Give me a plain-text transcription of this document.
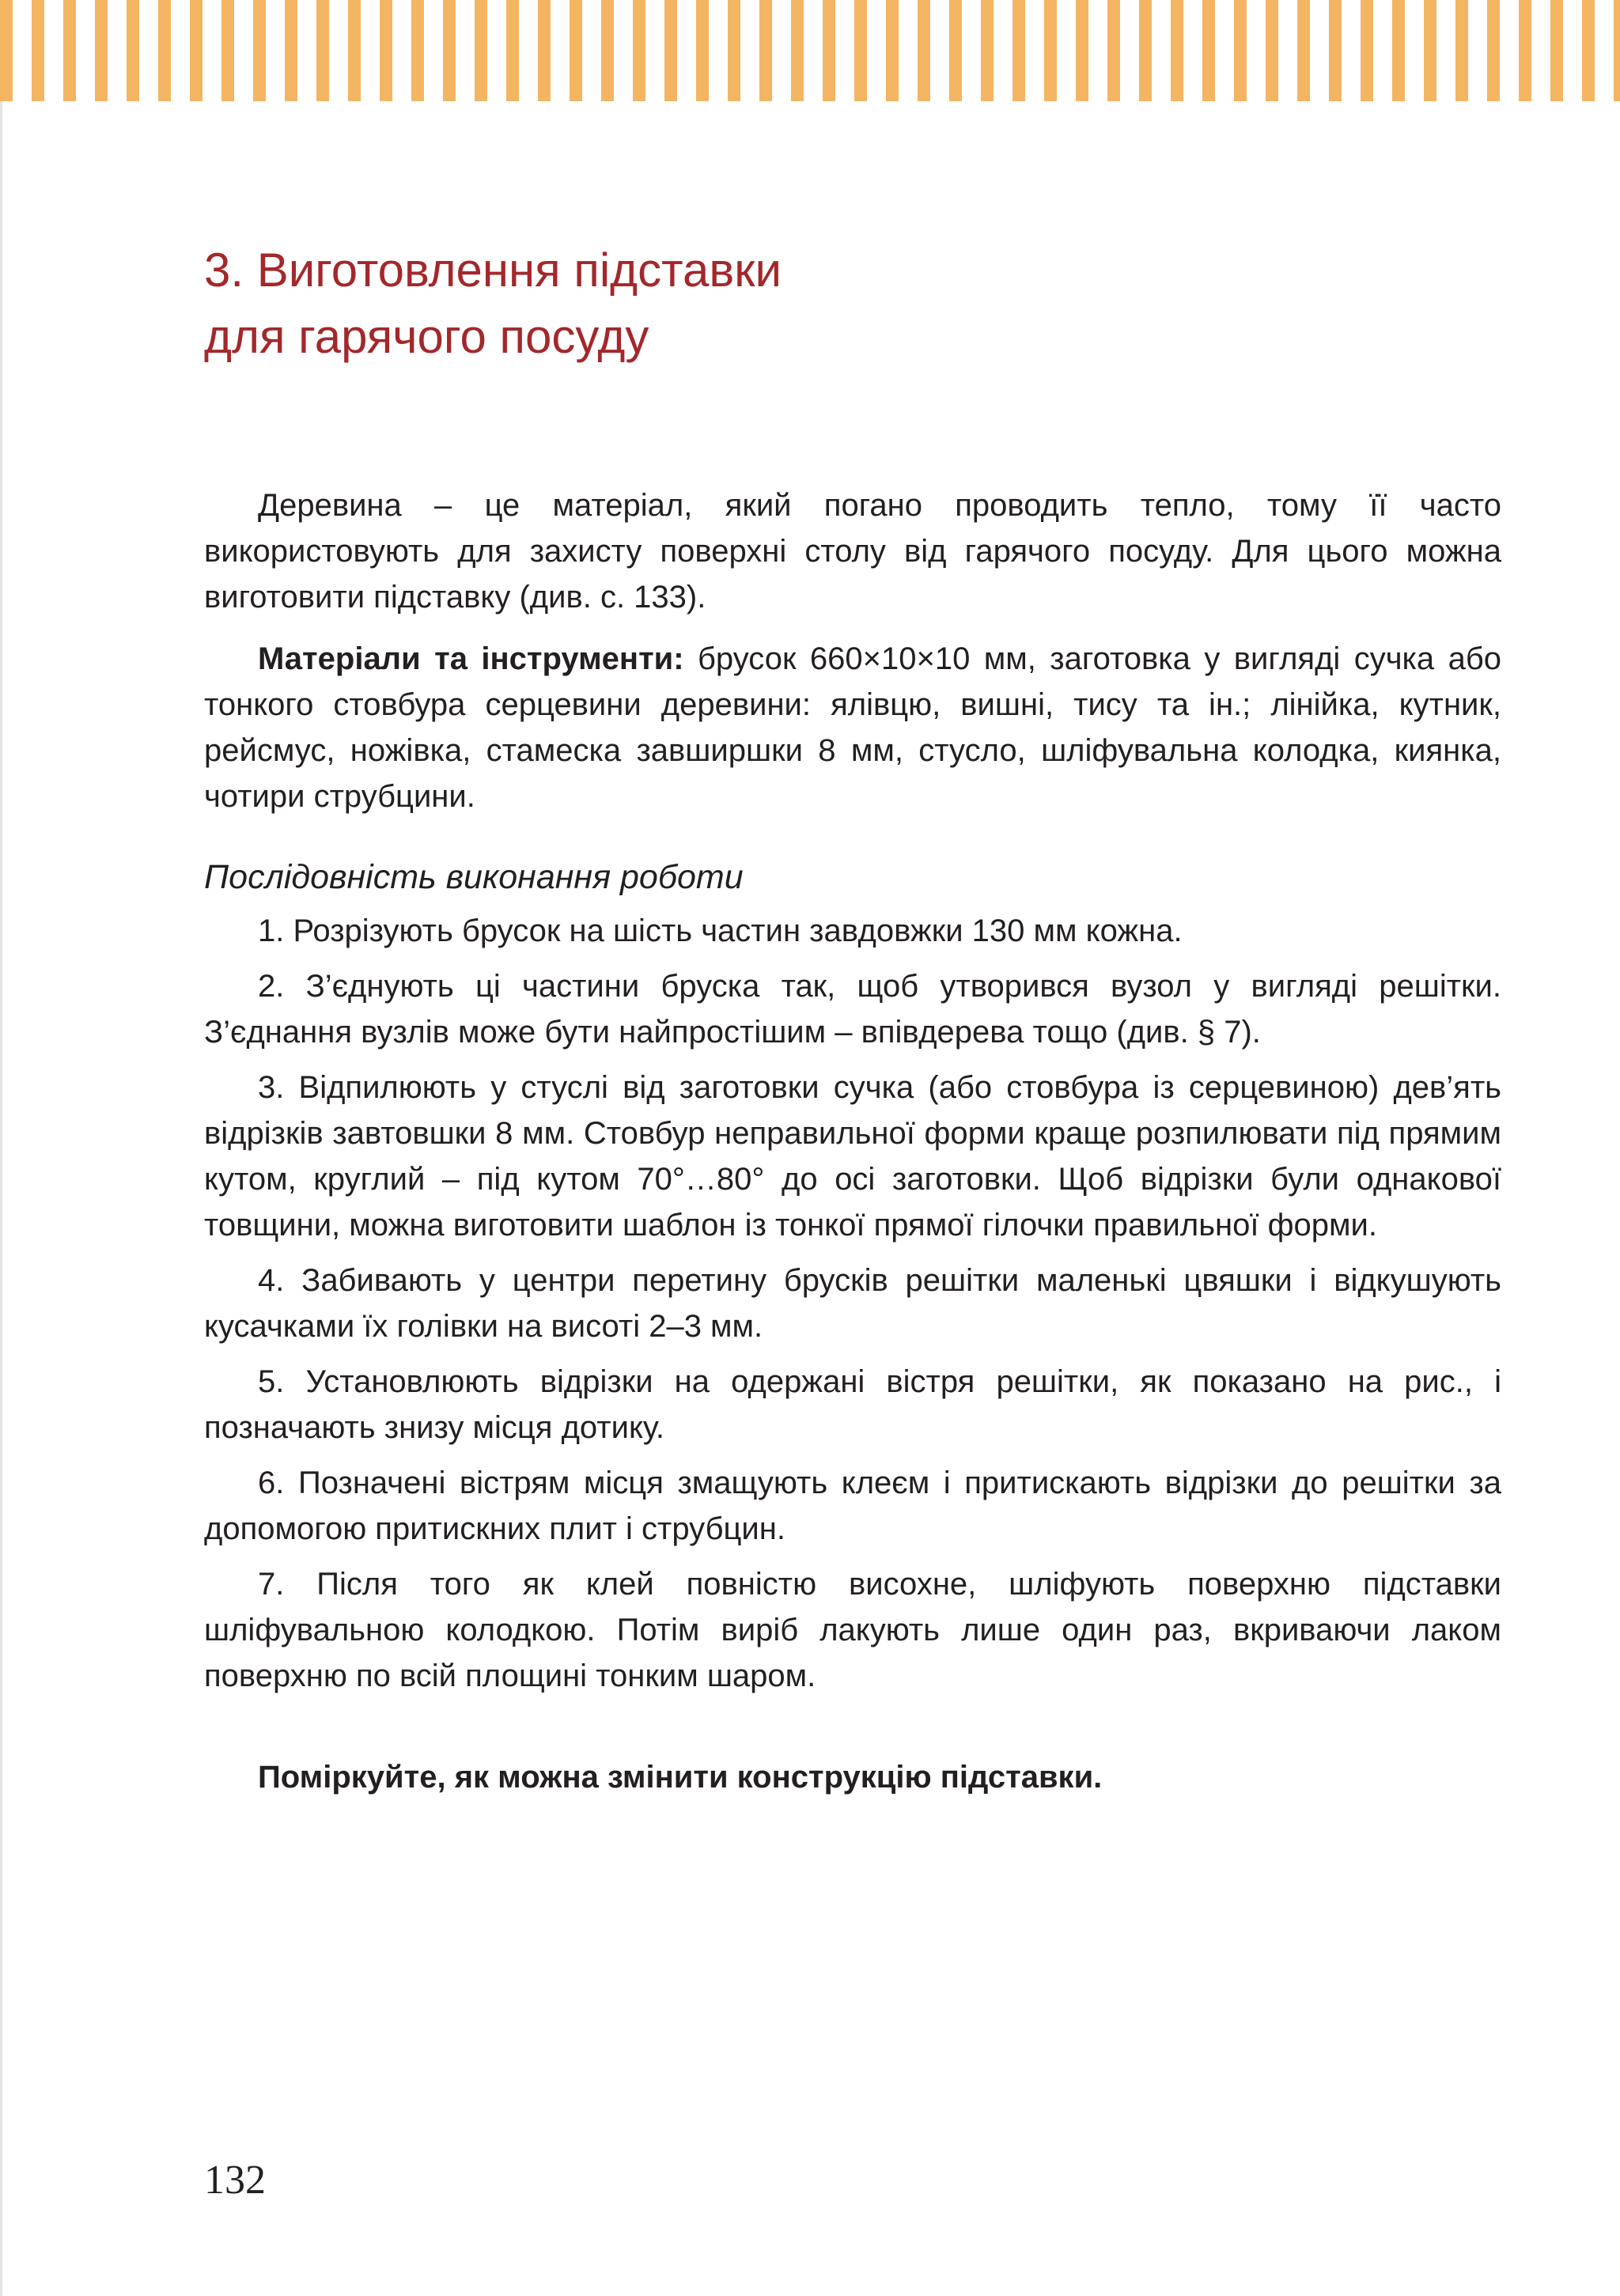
3. Виготовлення підставки
для гарячого посуду

Деревина – це матеріал, який погано проводить тепло, тому її часто використовують для захисту поверхні столу від гарячого посуду. Для цього можна виготовити підставку (див. с. 133).

Матеріали та інструменти: брусок 660×10×10 мм, заготовка у вигляді сучка або тонкого стовбура серцевини деревини: ялівцю, вишні, тису та ін.; лінійка, кутник, рейсмус, ножівка, стамеска завширшки 8 мм, стусло, шліфувальна колодка, киянка, чотири струбцини.

Послідовність виконання роботи
1. Розрізують брусок на шість частин завдовжки 130 мм кожна.
2. З’єднують ці частини бруска так, щоб утворився вузол у вигляді решітки. З’єднання вузлів може бути найпростішим – впівдерева тощо (див. § 7).
3. Відпилюють у стуслі від заготовки сучка (або стовбура із серцевиною) дев’ять відрізків завтовшки 8 мм. Стовбур неправильної форми краще розпилювати під прямим кутом, круглий – під кутом 70°…80° до осі заготовки. Щоб відрізки були однакової товщини, можна виготовити шаблон із тонкої прямої гілочки правильної форми.
4. Забивають у центри перетину брусків решітки маленькі цвяшки і відкушують кусачками їх голівки на висоті 2–3 мм.
5. Установлюють відрізки на одержані вістря решітки, як показано на рис., і позначають знизу місця дотику.
6. Позначені вістрям місця змащують клеєм і притискають відрізки до решітки за допомогою притискних плит і струбцин.
7. Після того як клей повністю висохне, шліфують поверхню підставки шліфувальною колодкою. Потім виріб лакують лише один раз, вкриваючи лаком поверхню по всій площині тонким шаром.

Поміркуйте, як можна змінити конструкцію підставки.

132
